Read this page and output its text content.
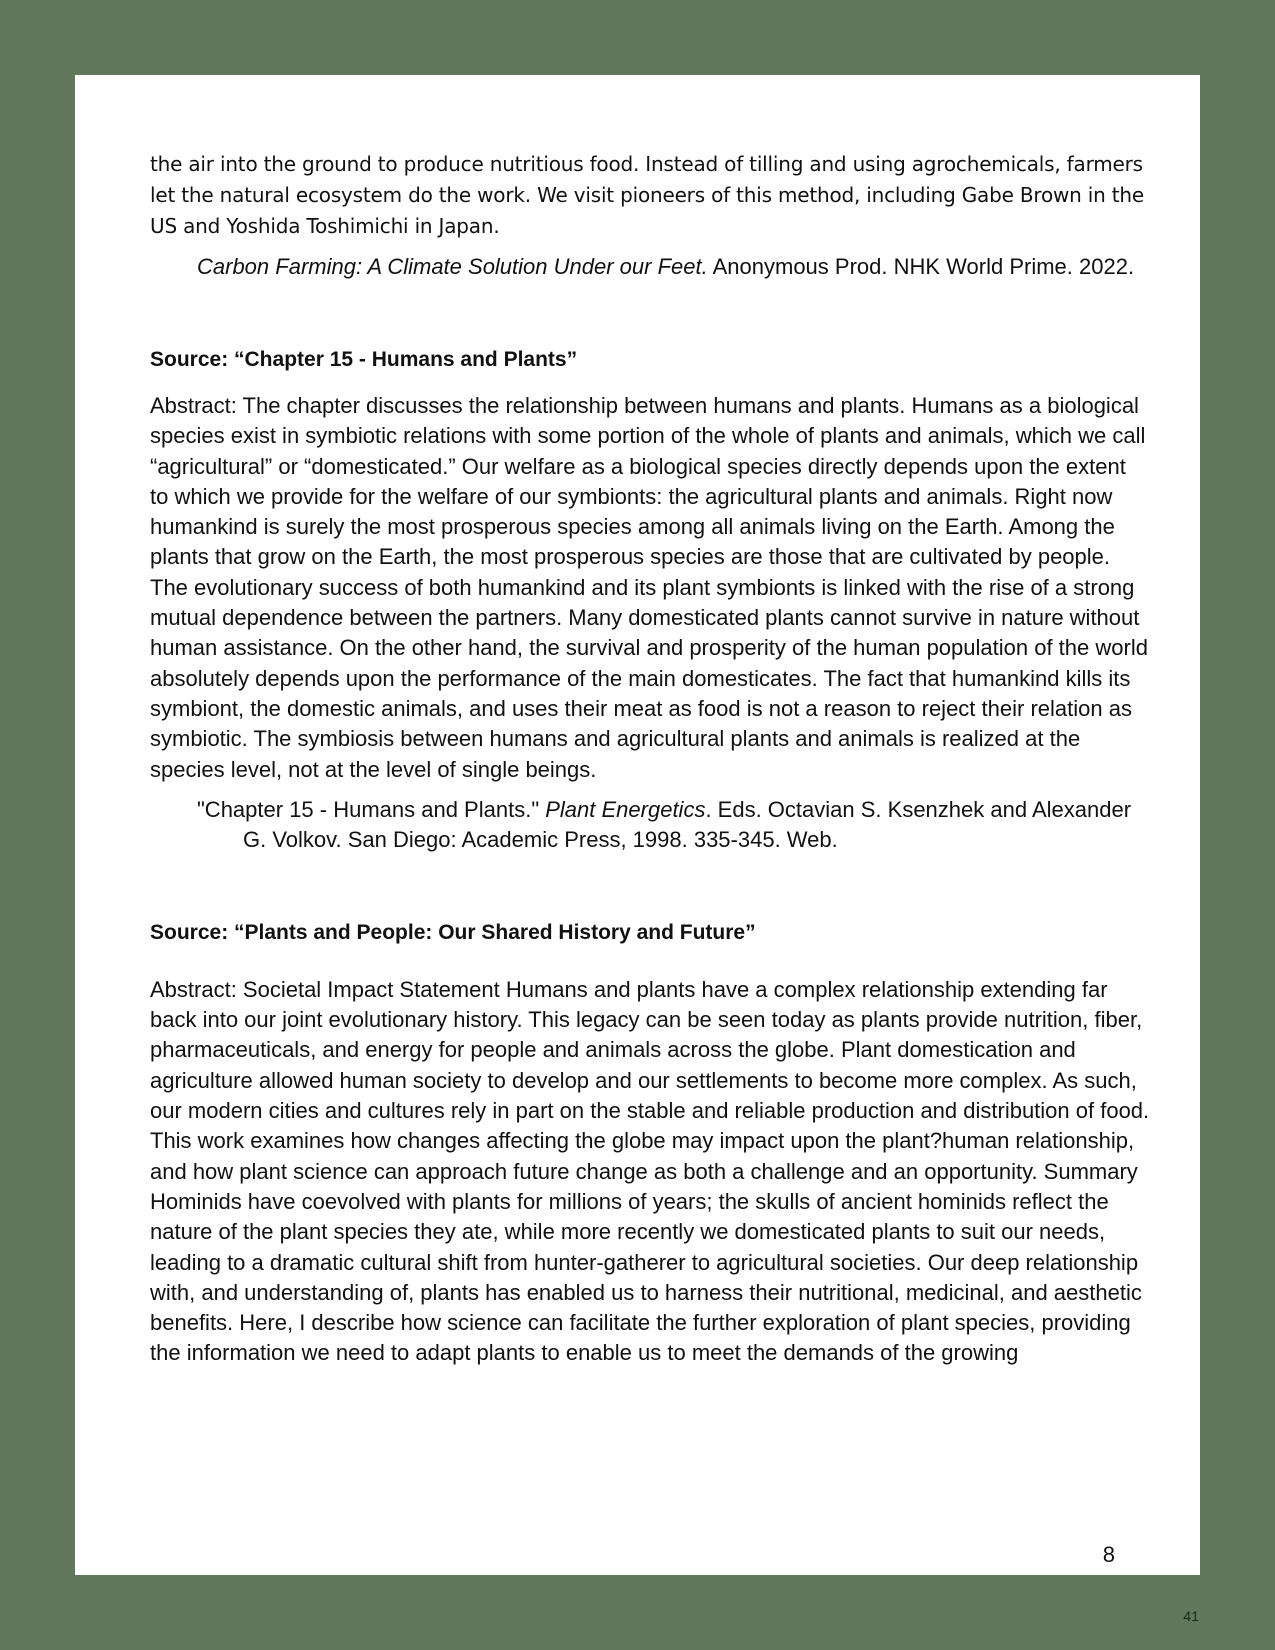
the air into the ground to produce nutritious food. Instead of tilling and using agrochemicals, farmers let the natural ecosystem do the work. We visit pioneers of this method, including Gabe Brown in the US and Yoshida Toshimichi in Japan.

Carbon Farming: A Climate Solution Under our Feet. Anonymous Prod. NHK World Prime. 2022.

Source: “Chapter 15 - Humans and Plants”

Abstract: The chapter discusses the relationship between humans and plants. Humans as a biological species exist in symbiotic relations with some portion of the whole of plants and animals, which we call “agricultural” or “domesticated.” Our welfare as a biological species directly depends upon the extent to which we provide for the welfare of our symbionts: the agricultural plants and animals. Right now humankind is surely the most prosperous species among all animals living on the Earth. Among the plants that grow on the Earth, the most prosperous species are those that are cultivated by people. The evolutionary success of both humankind and its plant symbionts is linked with the rise of a strong mutual dependence between the partners. Many domesticated plants cannot survive in nature without human assistance. On the other hand, the survival and prosperity of the human population of the world absolutely depends upon the performance of the main domesticates. The fact that humankind kills its symbiont, the domestic animals, and uses their meat as food is not a reason to reject their relation as symbiotic. The symbiosis between humans and agricultural plants and animals is realized at the species level, not at the level of single beings.

"Chapter 15 - Humans and Plants." Plant Energetics. Eds. Octavian S. Ksenzhek and Alexander G. Volkov. San Diego: Academic Press, 1998. 335-345. Web.

Source: “Plants and People: Our Shared History and Future”

Abstract: Societal Impact Statement Humans and plants have a complex relationship extending far back into our joint evolutionary history. This legacy can be seen today as plants provide nutrition, fiber, pharmaceuticals, and energy for people and animals across the globe. Plant domestication and agriculture allowed human society to develop and our settlements to become more complex. As such, our modern cities and cultures rely in part on the stable and reliable production and distribution of food. This work examines how changes affecting the globe may impact upon the plant?human relationship, and how plant science can approach future change as both a challenge and an opportunity. Summary Hominids have coevolved with plants for millions of years; the skulls of ancient hominids reflect the nature of the plant species they ate, while more recently we domesticated plants to suit our needs, leading to a dramatic cultural shift from hunter-gatherer to agricultural societies. Our deep relationship with, and understanding of, plants has enabled us to harness their nutritional, medicinal, and aesthetic benefits. Here, I describe how science can facilitate the further exploration of plant species, providing the information we need to adapt plants to enable us to meet the demands of the growing

8
41
